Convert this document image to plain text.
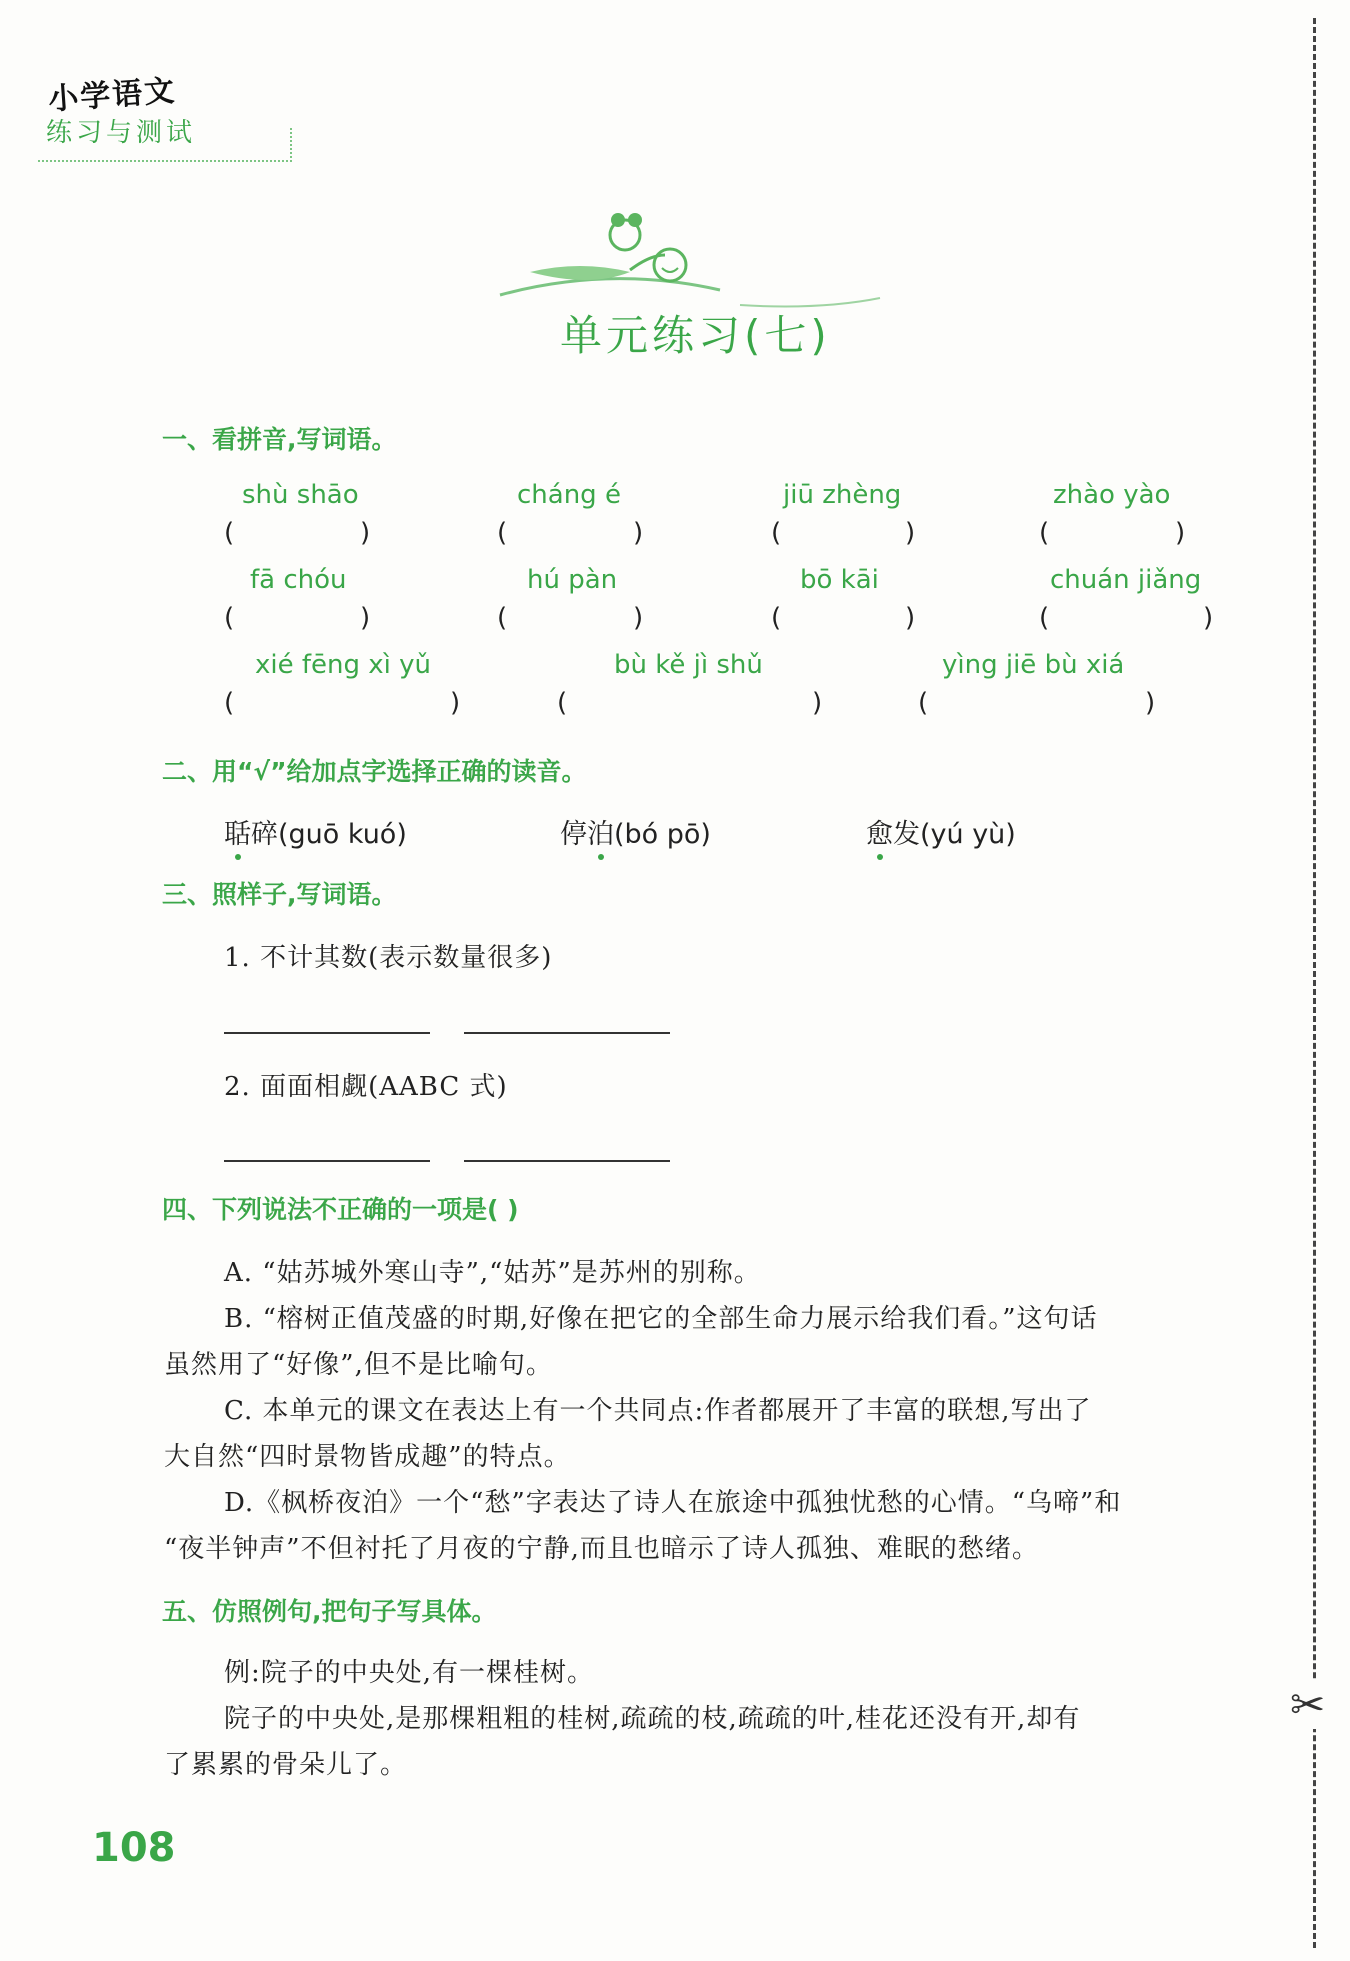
小学语文
练习与测试
✂
单元练习(七)
一、看拼音,写词语。
shù shāo	cháng é	jiū zhèng	zhào yào
(	)	(	)	(	)	(	)
fā chóu	hú pàn	bō kāi	chuán jiǎng
(	)	(	)	(	)	(	)
xié fēng xì yǔ	bù kě jì shǔ	yìng jiē bù xiá
(	)	(	)	(	)
二、用“√”给加点字选择正确的读音。
聒碎(guō kuó)	停泊(bó pō)	愈发(yú yù)
三、照样子,写词语。
1. 不计其数(表示数量很多)
2. 面面相觑(AABC 式)
四、下列说法不正确的一项是( )
A. “姑苏城外寒山寺”,“姑苏”是苏州的别称。
B. “榕树正值茂盛的时期,好像在把它的全部生命力展示给我们看。”这句话
虽然用了“好像”,但不是比喻句。
C. 本单元的课文在表达上有一个共同点:作者都展开了丰富的联想,写出了
大自然“四时景物皆成趣”的特点。
D.《枫桥夜泊》一个“愁”字表达了诗人在旅途中孤独忧愁的心情。“乌啼”和
“夜半钟声”不但衬托了月夜的宁静,而且也暗示了诗人孤独、难眠的愁绪。
五、仿照例句,把句子写具体。
例:院子的中央处,有一棵桂树。
院子的中央处,是那棵粗粗的桂树,疏疏的枝,疏疏的叶,桂花还没有开,却有
了累累的骨朵儿了。
108
